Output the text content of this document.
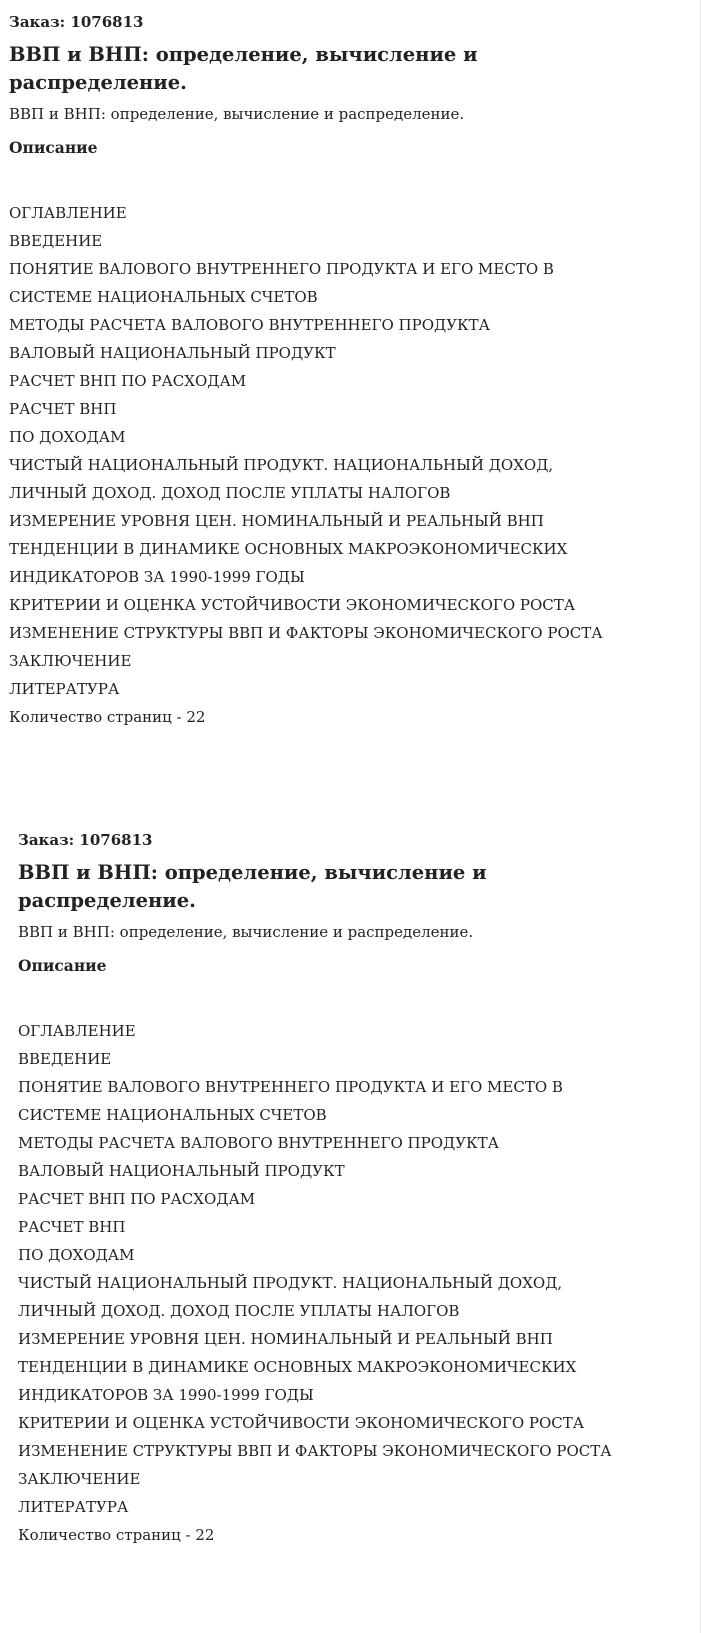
Заказ: 1076813

ВВП и ВНП: определение, вычисление и распределение.

ВВП и ВНП: определение, вычисление и распределение.

Описание
ОГЛАВЛЕНИЕ
ВВЕДЕНИЕ
ПОНЯТИЕ ВАЛОВОГО ВНУТРЕННЕГО ПРОДУКТА И ЕГО МЕСТО В
СИСТЕМЕ НАЦИОНАЛЬНЫХ СЧЕТОВ
МЕТОДЫ РАСЧЕТА ВАЛОВОГО ВНУТРЕННЕГО ПРОДУКТА
ВАЛОВЫЙ НАЦИОНАЛЬНЫЙ ПРОДУКТ
РАСЧЕТ ВНП ПО РАСХОДАМ
РАСЧЕТ ВНП
ПО ДОХОДАМ
ЧИСТЫЙ НАЦИОНАЛЬНЫЙ ПРОДУКТ. НАЦИОНАЛЬНЫЙ ДОХОД,
ЛИЧНЫЙ ДОХОД. ДОХОД ПОСЛЕ УПЛАТЫ НАЛОГОВ
ИЗМЕРЕНИЕ УРОВНЯ ЦЕН. НОМИНАЛЬНЫЙ И РЕАЛЬНЫЙ ВНП
ТЕНДЕНЦИИ В ДИНАМИКЕ ОСНОВНЫХ МАКРОЭКОНОМИЧЕСКИХ
ИНДИКАТОРОВ ЗА 1990-1999 ГОДЫ
КРИТЕРИИ И ОЦЕНКА УСТОЙЧИВОСТИ ЭКОНОМИЧЕСКОГО РОСТА
ИЗМЕНЕНИЕ СТРУКТУРЫ ВВП И ФАКТОРЫ ЭКОНОМИЧЕСКОГО РОСТА
ЗАКЛЮЧЕНИЕ
ЛИТЕРАТУРА

Количество страниц - 22

Заказ: 1076813

ВВП и ВНП: определение, вычисление и распределение.

ВВП и ВНП: определение, вычисление и распределение.

Описание
ОГЛАВЛЕНИЕ
ВВЕДЕНИЕ
ПОНЯТИЕ ВАЛОВОГО ВНУТРЕННЕГО ПРОДУКТА И ЕГО МЕСТО В
СИСТЕМЕ НАЦИОНАЛЬНЫХ СЧЕТОВ
МЕТОДЫ РАСЧЕТА ВАЛОВОГО ВНУТРЕННЕГО ПРОДУКТА
ВАЛОВЫЙ НАЦИОНАЛЬНЫЙ ПРОДУКТ
РАСЧЕТ ВНП ПО РАСХОДАМ
РАСЧЕТ ВНП
ПО ДОХОДАМ
ЧИСТЫЙ НАЦИОНАЛЬНЫЙ ПРОДУКТ. НАЦИОНАЛЬНЫЙ ДОХОД,
ЛИЧНЫЙ ДОХОД. ДОХОД ПОСЛЕ УПЛАТЫ НАЛОГОВ
ИЗМЕРЕНИЕ УРОВНЯ ЦЕН. НОМИНАЛЬНЫЙ И РЕАЛЬНЫЙ ВНП
ТЕНДЕНЦИИ В ДИНАМИКЕ ОСНОВНЫХ МАКРОЭКОНОМИЧЕСКИХ
ИНДИКАТОРОВ ЗА 1990-1999 ГОДЫ
КРИТЕРИИ И ОЦЕНКА УСТОЙЧИВОСТИ ЭКОНОМИЧЕСКОГО РОСТА
ИЗМЕНЕНИЕ СТРУКТУРЫ ВВП И ФАКТОРЫ ЭКОНОМИЧЕСКОГО РОСТА
ЗАКЛЮЧЕНИЕ
ЛИТЕРАТУРА

Количество страниц - 22
